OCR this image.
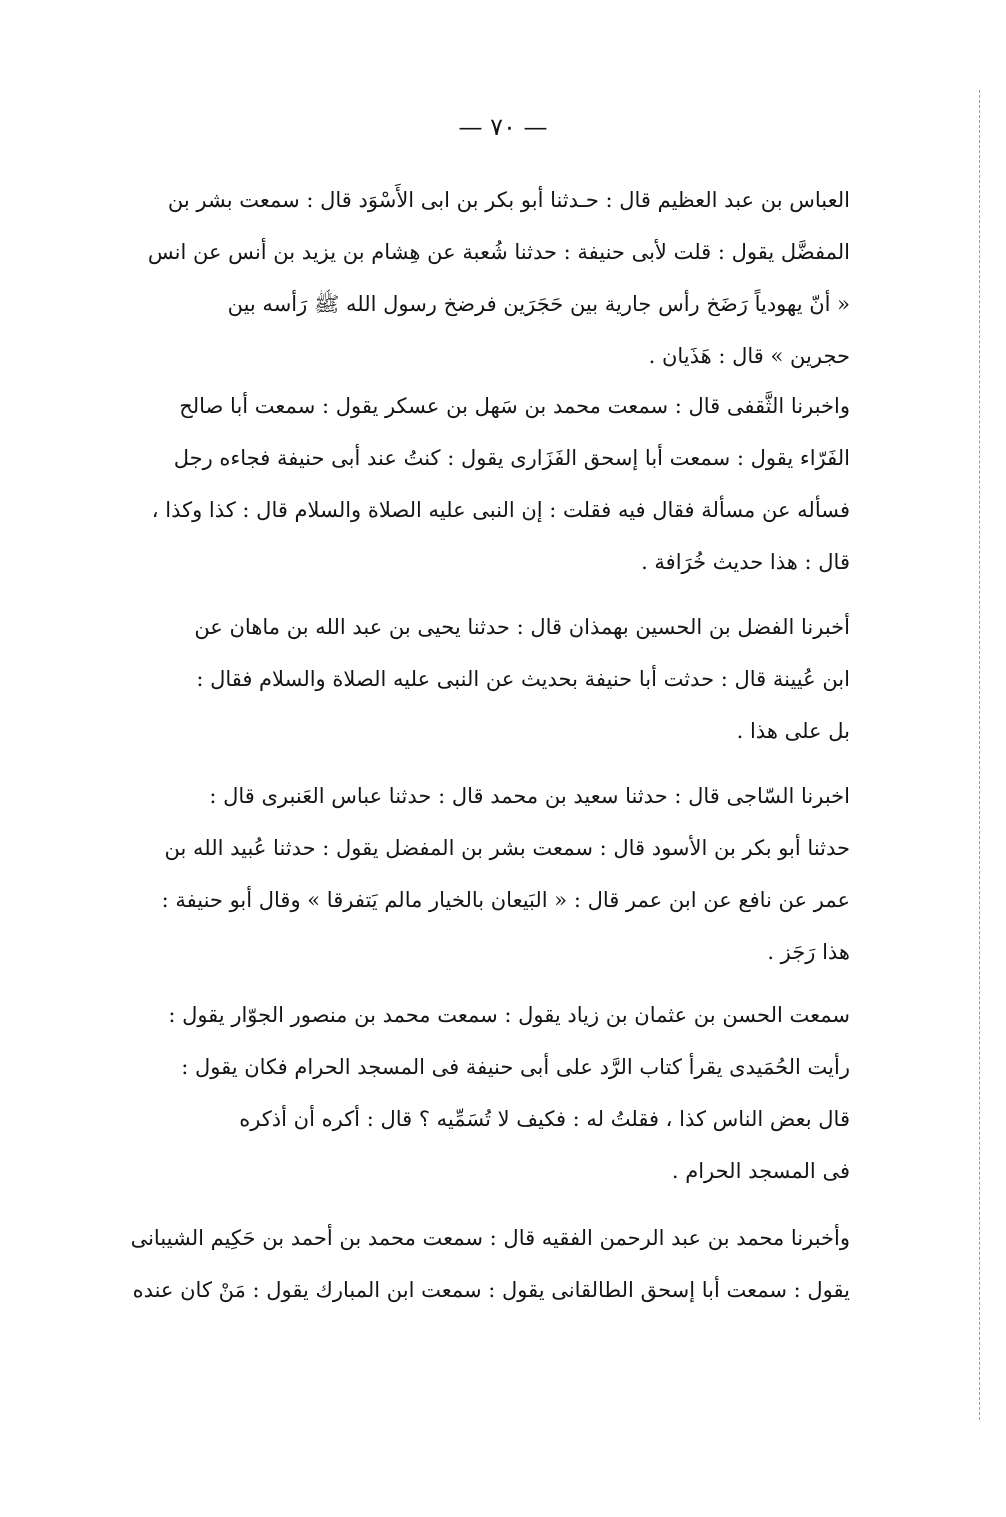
— ٧٠ —
العباس بن عبد العظيم قال : حـدثنا أبو بكر بن ابى الأَسْوَد قال : سمعت بشر بن
المفضَّل يقول : قلت لأبى حنيفة : حدثنا شُعبة عن هِشام بن يزيد بن أنس عن انس
« أنّ يهودياً رَضَخ رأس جارية بين حَجَرَين فرضخ رسول الله ﷺ رَأسه بين
حجرين » قال : هَذَيان .
واخبرنا الثَّقفى قال : سمعت محمد بن سَهل بن عسكر يقول : سمعت أبا صالح
الفَرّاء يقول : سمعت أبا إسحق الفَزَارى يقول : كنتُ عند أبى حنيفة فجاءه رجل
فسأله عن مسألة فقال فيه فقلت : إن النبى عليه الصلاة والسلام قال : كذا وكذا ،
قال : هذا حديث خُرَافة .
أخبرنا الفضل بن الحسين بهمذان قال : حدثنا يحيى بن عبد الله بن ماهان عن
ابن عُيينة قال : حدثت أبا حنيفة بحديث عن النبى عليه الصلاة والسلام فقال :
بل على هذا .
اخبرنا السّاجى قال : حدثنا سعيد بن محمد قال : حدثنا عباس العَنبرى قال :
حدثنا أبو بكر بن الأسود قال : سمعت بشر بن المفضل يقول : حدثنا عُبيد الله بن
عمر عن نافع عن ابن عمر قال : « البَيعان بالخيار مالم يَتفرقا » وقال أبو حنيفة :
هذا رَجَز .
سمعت الحسن بن عثمان بن زياد يقول : سمعت محمد بن منصور الجوّار يقول :
رأيت الحُمَيدى يقرأ كتاب الرَّد على أبى حنيفة فى المسجد الحرام فكان يقول :
قال بعض الناس كذا ، فقلتُ له : فكيف لا تُسَمِّيه ؟ قال : أكره أن أذكره
فى المسجد الحرام .
وأخبرنا محمد بن عبد الرحمن الفقيه قال : سمعت محمد بن أحمد بن حَكِيم الشيبانى
يقول : سمعت أبا إسحق الطالقانى يقول : سمعت ابن المبارك يقول : مَنْ كان عنده
